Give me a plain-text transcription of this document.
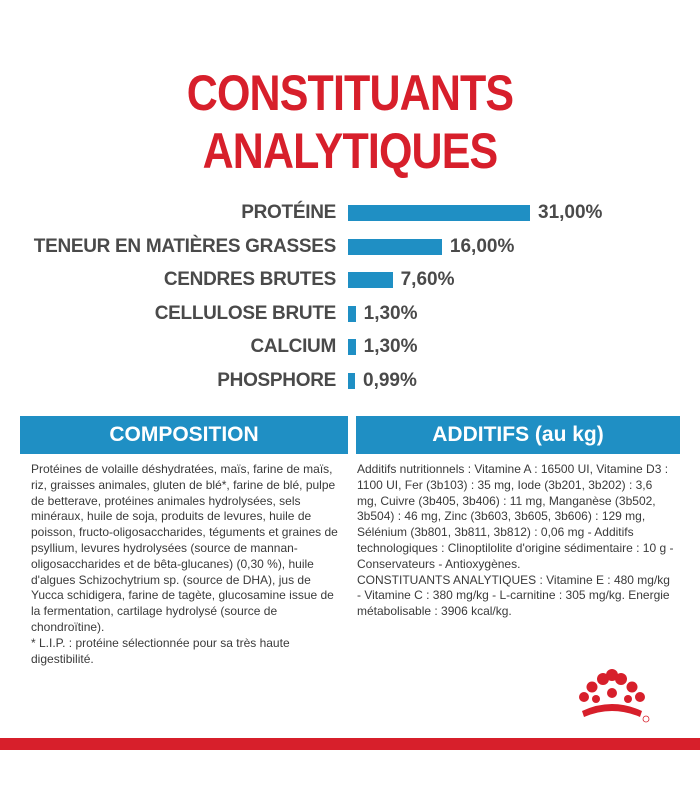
CONSTITUANTS ANALYTIQUES
PROTÉINE	31,00%
TENEUR EN MATIÈRES GRASSES	16,00%
CENDRES BRUTES	7,60%
CELLULOSE BRUTE 1,30%
CALCIUM 1,30%
PHOSPHORE 0,99%
COMPOSITION	ADDITIFS (au kg)

Protéines de volaille déshydratées, maïs, farine de maïs, riz, graisses animales, gluten de blé*, farine de blé, pulpe de betterave, protéines animales hydrolysées, sels minéraux, huile de soja, produits de levures, huile de poisson, fructo-oligosaccharides, téguments et graines de psyllium, levures hydrolysées (source de mannan-oligosaccharides et de bêta-glucanes) (0,30 %), huile d'algues Schizochytrium sp. (source de DHA), jus de Yucca schidigera, farine de tagète, glucosamine issue de la fermentation, cartilage hydrolysé (source de chondroïtine).

* L.I.P. : protéine sélectionnée pour sa très haute digestibilité.

Additifs nutritionnels : Vitamine A : 16500 UI, Vitamine D3 : 1100 UI, Fer (3b103) : 35 mg, Iode (3b201, 3b202) : 3,6 mg, Cuivre (3b405, 3b406) : 11 mg, Manganèse (3b502, 3b504) : 46 mg, Zinc (3b603, 3b605, 3b606) : 129 mg, Sélénium (3b801, 3b811, 3b812) : 0,06 mg - Additifs technologiques : Clinoptilolite d'origine sédimentaire : 10 g - Conservateurs - Antioxygènes.

CONSTITUANTS ANALYTIQUES : Vitamine E : 480 mg/kg - Vitamine C : 380 mg/kg - L-carnitine : 305 mg/kg. Energie métabolisable : 3906 kcal/kg.
